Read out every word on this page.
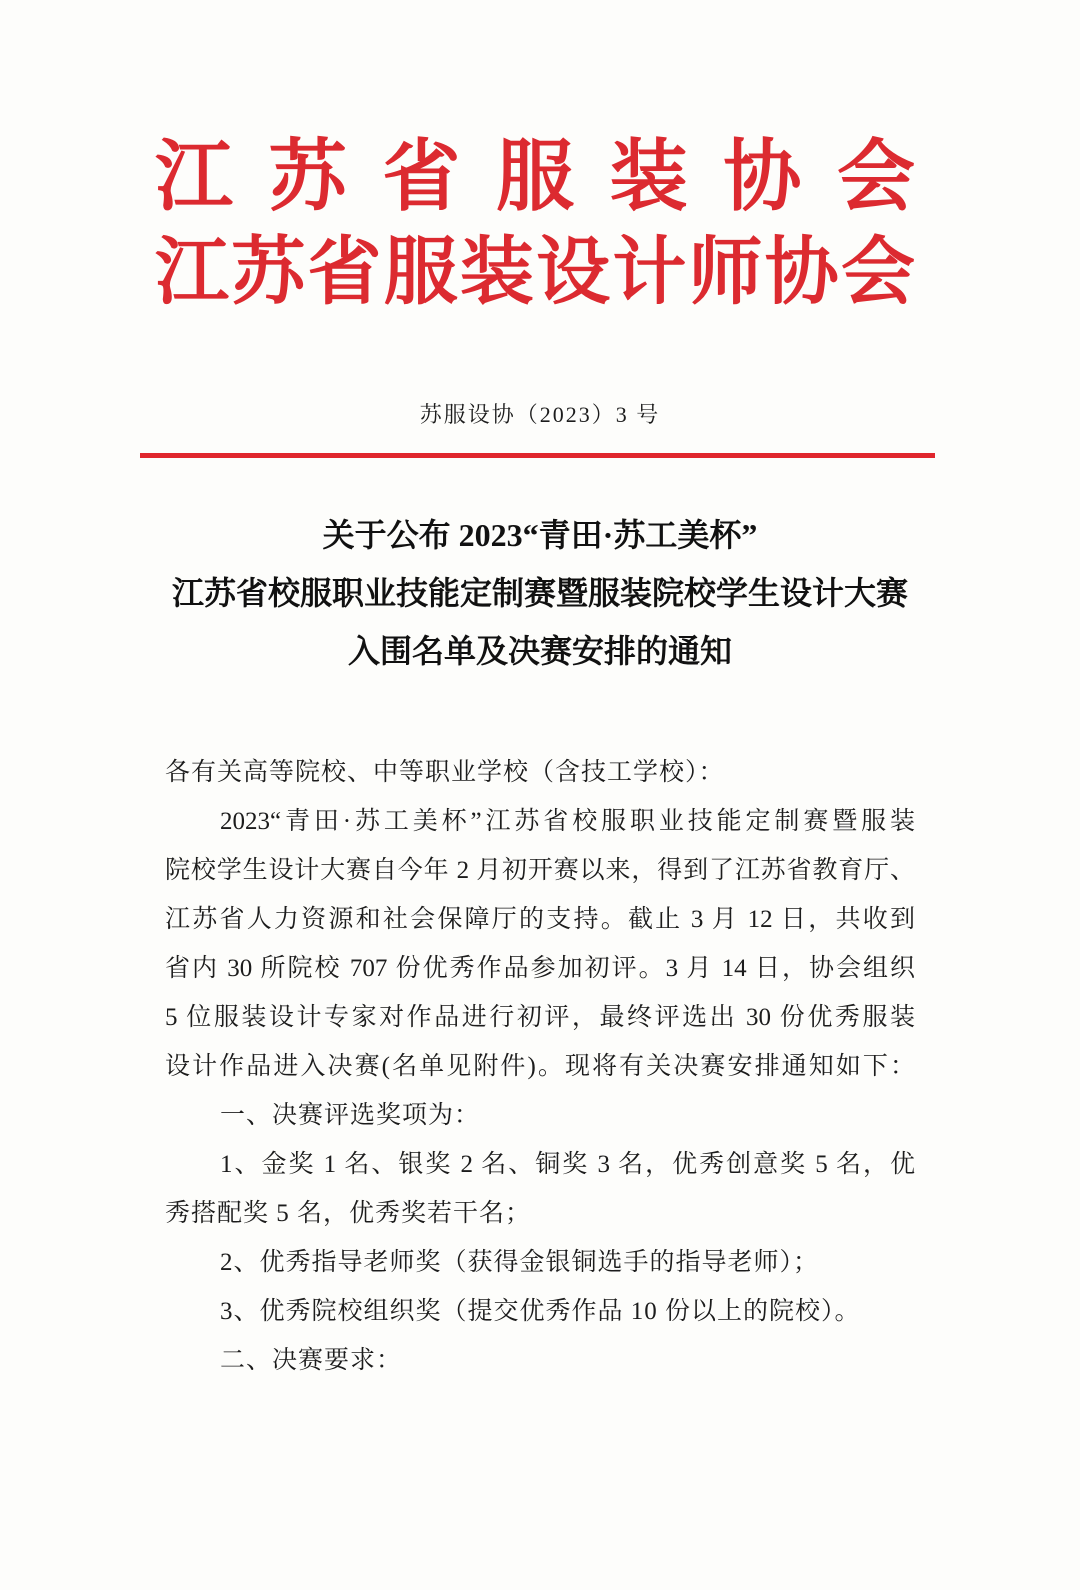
江苏省服装协会
江苏省服装设计师协会
苏服设协（2023）3 号
关于公布 2023“青田·苏工美杯”
江苏省校服职业技能定制赛暨服装院校学生设计大赛
入围名单及决赛安排的通知
各有关高等院校、中等职业学校（含技工学校）：
2023“青田·苏工美杯”江苏省校服职业技能定制赛暨服装
院校学生设计大赛自今年 2 月初开赛以来，得到了江苏省教育厅、
江苏省人力资源和社会保障厅的支持。截止 3 月 12 日，共收到
省内 30 所院校 707 份优秀作品参加初评。3 月 14 日，协会组织
5 位服装设计专家对作品进行初评，最终评选出 30 份优秀服装
设计作品进入决赛(名单见附件)。现将有关决赛安排通知如下：
一、决赛评选奖项为：
1、金奖 1 名、银奖 2 名、铜奖 3 名，优秀创意奖 5 名，优
秀搭配奖 5 名，优秀奖若干名；
2、优秀指导老师奖（获得金银铜选手的指导老师）；
3、优秀院校组织奖（提交优秀作品 10 份以上的院校）。
二、决赛要求：
